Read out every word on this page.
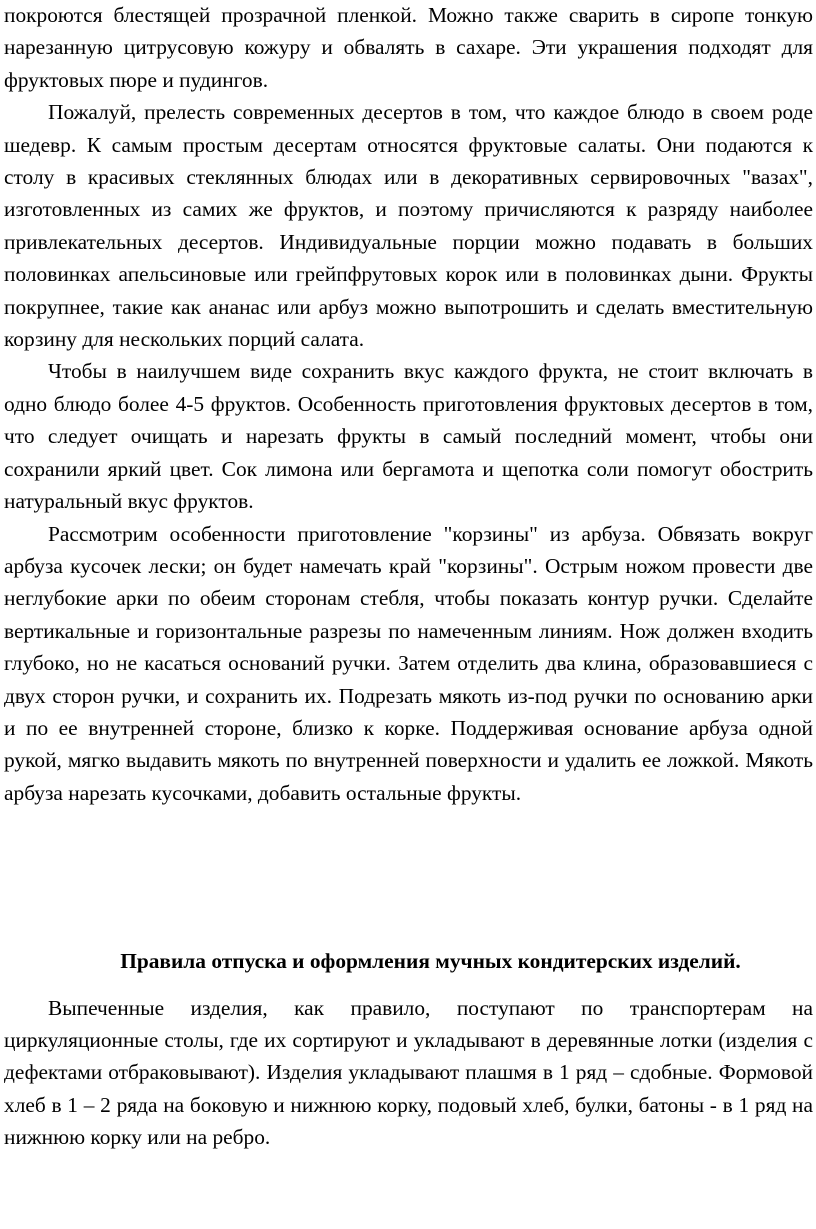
покроются блестящей прозрачной пленкой. Можно также сварить в сиропе тонкую нарезанную цитрусовую кожуру и обвалять в сахаре. Эти украшения подходят для фруктовых пюре и пудингов.

Пожалуй, прелесть современных десертов в том, что каждое блюдо в своем роде шедевр. К самым простым десертам относятся фруктовые салаты. Они подаются к столу в красивых стеклянных блюдах или в декоративных сервировочных "вазах", изготовленных из самих же фруктов, и поэтому причисляются к разряду наиболее привлекательных десертов. Индивидуальные порции можно подавать в больших половинках апельсиновые или грейпфрутовых корок или в половинках дыни. Фрукты покрупнее, такие как ананас или арбуз можно выпотрошить и сделать вместительную корзину для нескольких порций салата.

Чтобы в наилучшем виде сохранить вкус каждого фрукта, не стоит включать в одно блюдо более 4-5 фруктов. Особенность приготовления фруктовых десертов в том, что следует очищать и нарезать фрукты в самый последний момент, чтобы они сохранили яркий цвет. Сок лимона или бергамота и щепотка соли помогут обострить натуральный вкус фруктов.

Рассмотрим особенности приготовление "корзины" из арбуза. Обвязать вокруг арбуза кусочек лески; он будет намечать край "корзины". Острым ножом провести две неглубокие арки по обеим сторонам стебля, чтобы показать контур ручки. Сделайте вертикальные и горизонтальные разрезы по намеченным линиям. Нож должен входить глубоко, но не касаться оснований ручки. Затем отделить два клина, образовавшиеся с двух сторон ручки, и сохранить их. Подрезать мякоть из-под ручки по основанию арки и по ее внутренней стороне, близко к корке. Поддерживая основание арбуза одной рукой, мягко выдавить мякоть по внутренней поверхности и удалить ее ложкой. Мякоть арбуза нарезать кусочками, добавить остальные фрукты.

Правила отпуска и оформления мучных кондитерских изделий.

Выпеченные изделия, как правило, поступают по транспортерам на циркуляционные столы, где их сортируют и укладывают в деревянные лотки (изделия с дефектами отбраковывают). Изделия укладывают плашмя в 1 ряд – сдобные. Формовой хлеб в 1 – 2 ряда на боковую и нижнюю корку, подовый хлеб, булки, батоны - в 1 ряд на нижнюю корку или на ребро.
